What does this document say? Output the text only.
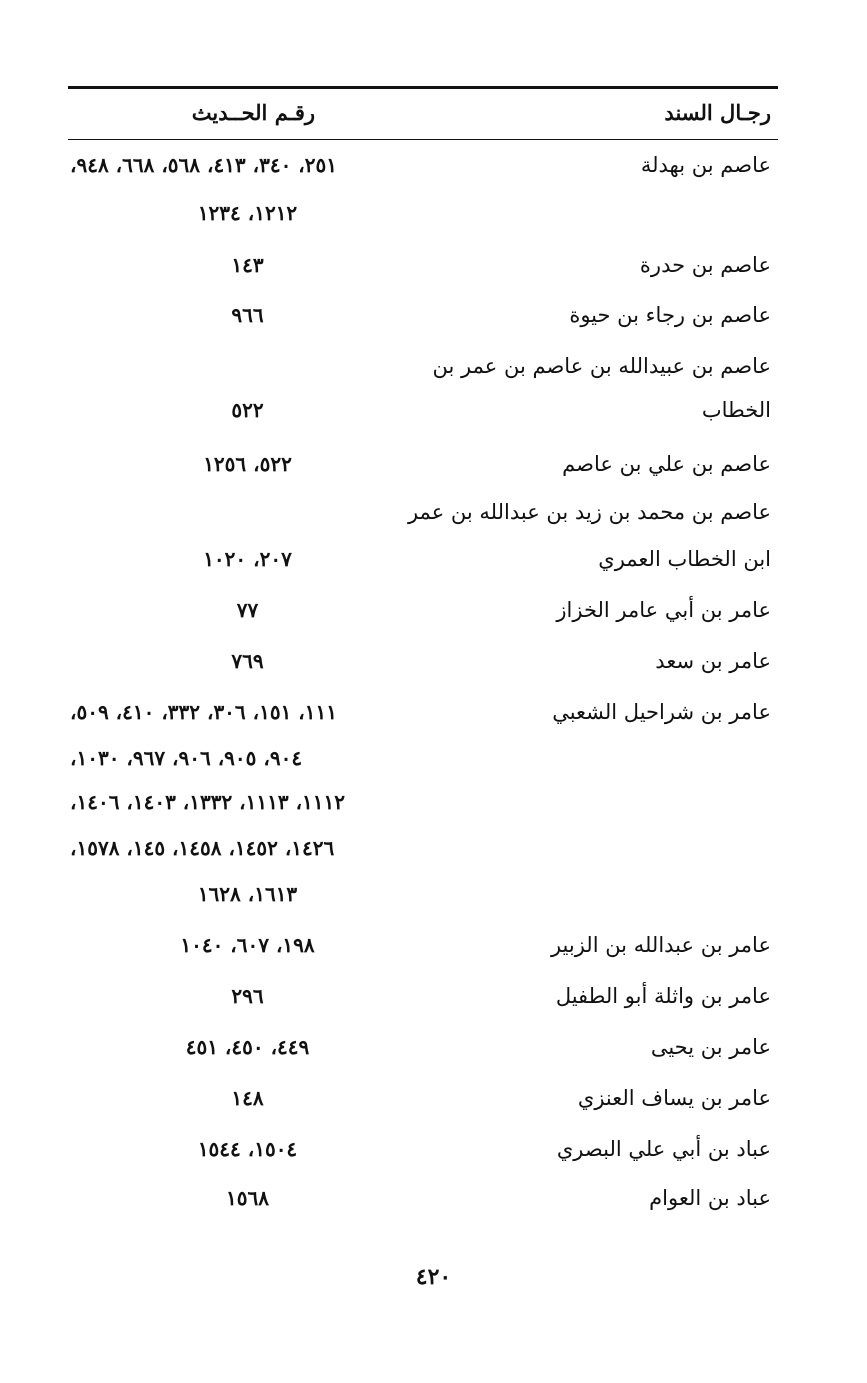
رجـال السند
رقـم الحــديث
عاصم بن بهدلة
٢٥١، ٣٤٠، ٤١٣، ٥٦٨، ٦٦٨، ٩٤٨،
١٢١٢، ١٢٣٤
عاصم بن حدرة
١٤٣
عاصم بن رجاء بن حيوة
٩٦٦
عاصم بن عبيدالله بن عاصم بن عمر بن
الخطاب
٥٢٢
عاصم بن علي بن عاصم
٥٢٢، ١٢٥٦
عاصم بن محمد بن زيد بن عبدالله بن عمر
ابن الخطاب العمري
٢٠٧، ١٠٢٠
عامر بن أبي عامر الخزاز
٧٧
عامر بن سعد
٧٦٩
عامر بن شراحيل الشعبي
١١١، ١٥١، ٣٠٦، ٣٣٢، ٤١٠، ٥٠٩،
٩٠٤، ٩٠٥، ٩٠٦، ٩٦٧، ١٠٣٠،
١١١٢، ١١١٣، ١٣٣٢، ١٤٠٣، ١٤٠٦،
١٤٢٦، ١٤٥٢، ١٤٥٨، ١٤٥، ١٥٧٨،
١٦١٣، ١٦٢٨
عامر بن عبدالله بن الزبير
١٩٨، ٦٠٧، ١٠٤٠
عامر بن واثلة أبو الطفيل
٢٩٦
عامر بن يحيى
٤٤٩، ٤٥٠، ٤٥١
عامر بن يساف العنزي
١٤٨
عباد بن أبي علي البصري
١٥٠٤، ١٥٤٤
عباد بن العوام
١٥٦٨
٤٢٠
